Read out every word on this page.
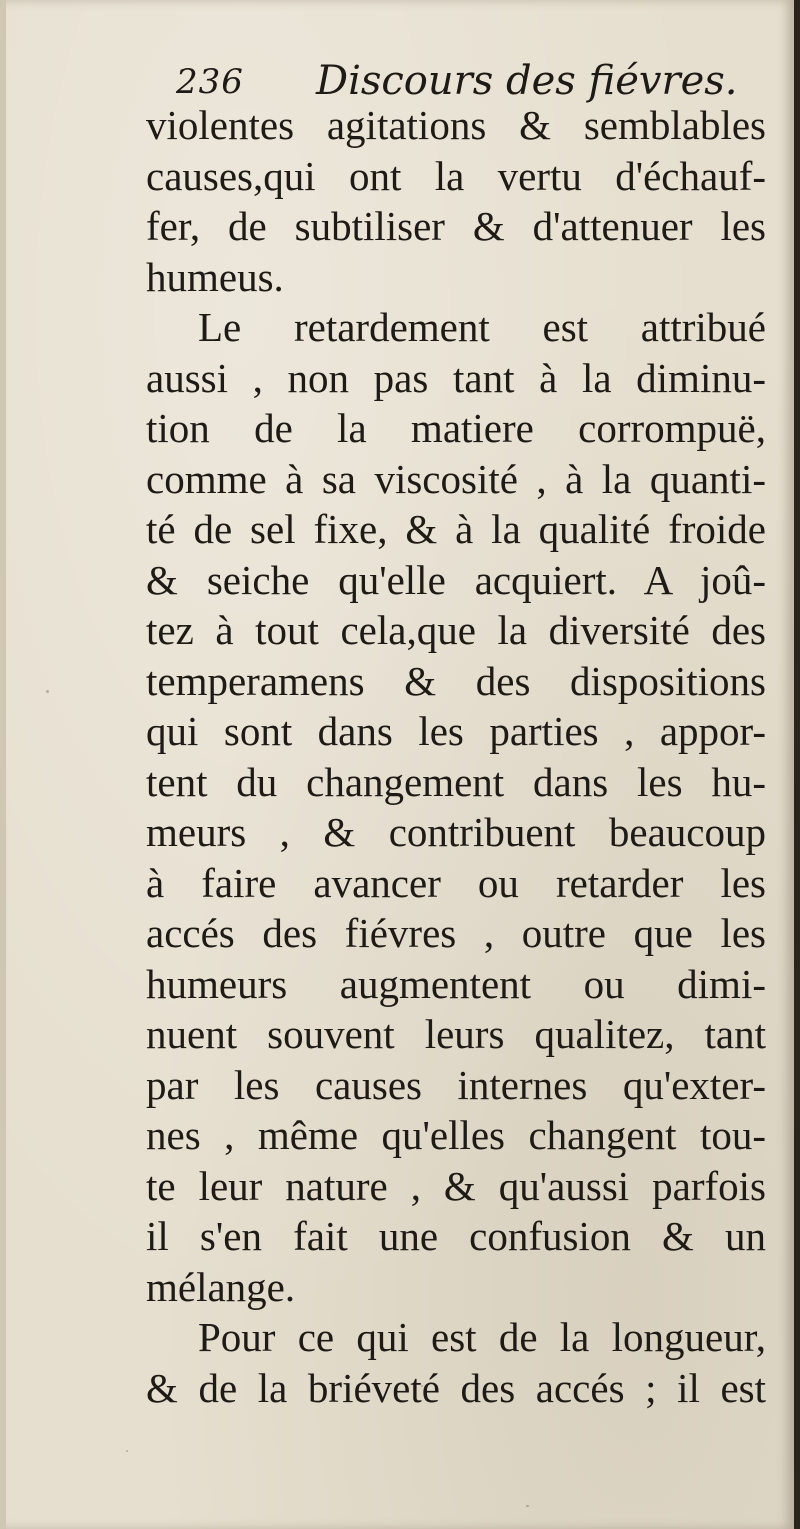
236 Discours des fiévres.
violentes agitations & semblables
causes,qui ont la vertu d'échauf-
fer, de subtiliser & d'attenuer les
humeus.
Le retardement est attribué
aussi , non pas tant à la diminu-
tion de la matiere corrompuë,
comme à sa viscosité , à la quanti-
té de sel fixe, & à la qualité froide
& seiche qu'elle acquiert. A joû-
tez à tout cela,que la diversité des
temperamens & des dispositions
qui sont dans les parties , appor-
tent du changement dans les hu-
meurs , & contribuent beaucoup
à faire avancer ou retarder les
accés des fiévres , outre que les
humeurs augmentent ou dimi-
nuent souvent leurs qualitez, tant
par les causes internes qu'exter-
nes , même qu'elles changent tou-
te leur nature , & qu'aussi parfois
il s'en fait une confusion & un
mélange.
Pour ce qui est de la longueur,
& de la briéveté des accés ; il est
